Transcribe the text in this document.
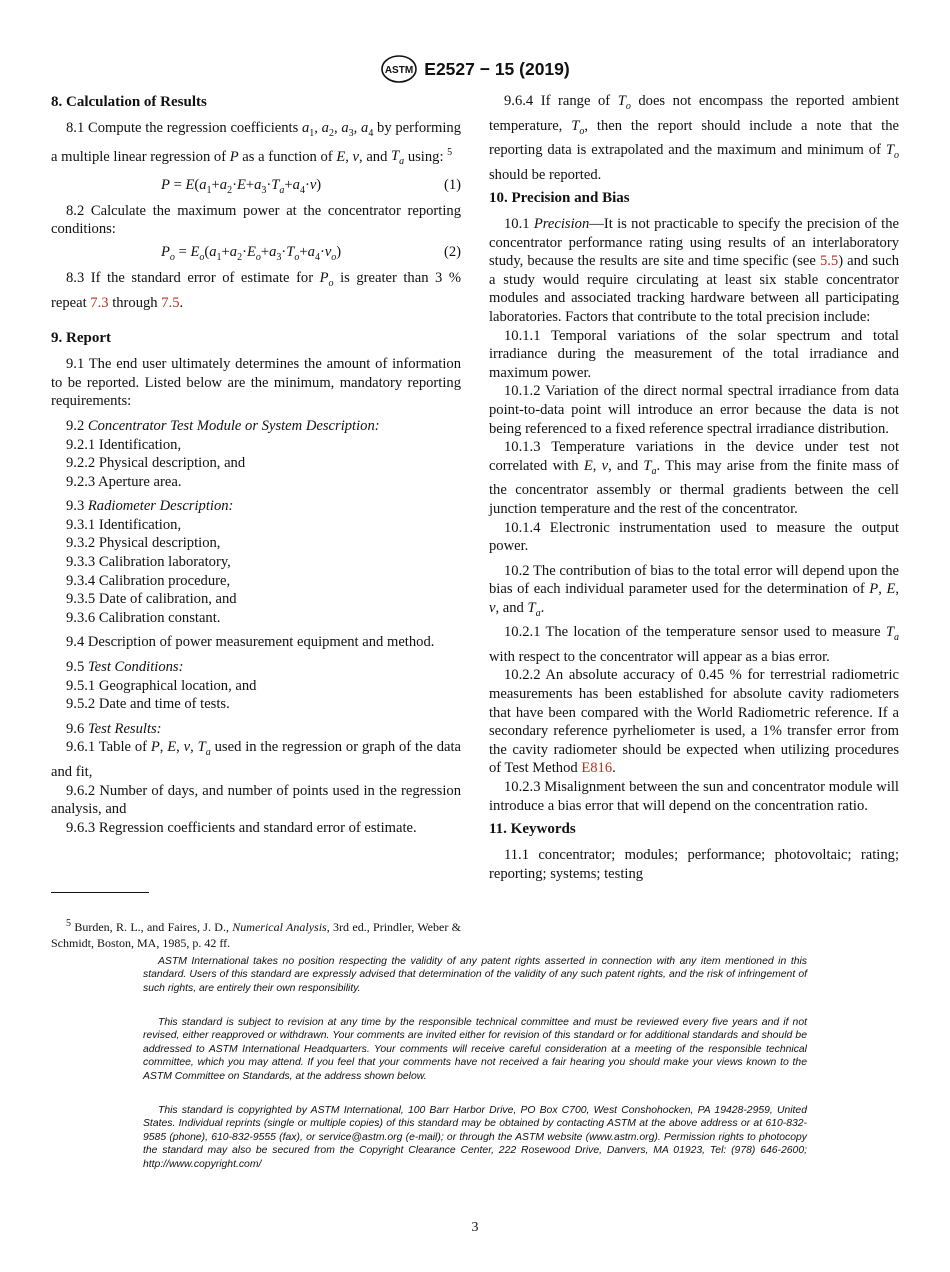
ASTM E2527 − 15 (2019)
8. Calculation of Results

8.1 Compute the regression coefficients $a_1$, $a_2$, $a_3$, $a_4$ by performing a multiple linear regression of P as a function of E, v, and $T_a$ using: $^5$

$P = E(a_1+a_2\cdot E+a_3\cdot T_a+a_4\cdot v)$	(1)

8.2 Calculate the maximum power at the concentrator reporting conditions:

$P_o = E_o(a_1+a_2\cdot E_o+a_3\cdot T_o+a_4\cdot v_o)$	(2)

8.3 If the standard error of estimate for $P_o$ is greater than 3 % repeat 7.3 through 7.5.

9. Report

9.1 The end user ultimately determines the amount of information to be reported. Listed below are the minimum, mandatory reporting requirements:

9.2 Concentrator Test Module or System Description:

9.2.1 Identification,

9.2.2 Physical description, and

9.2.3 Aperture area.

9.3 Radiometer Description:

9.3.1 Identification,

9.3.2 Physical description,

9.3.3 Calibration laboratory,

9.3.4 Calibration procedure,

9.3.5 Date of calibration, and

9.3.6 Calibration constant.

9.4 Description of power measurement equipment and method.

9.5 Test Conditions:

9.5.1 Geographical location, and

9.5.2 Date and time of tests.

9.6 Test Results:

9.6.1 Table of P, E, v, $T_a$ used in the regression or graph of the data and fit,

9.6.2 Number of days, and number of points used in the regression analysis, and

9.6.3 Regression coefficients and standard error of estimate.

9.6.4 If range of $T_o$ does not encompass the reported ambient temperature, $T_o$, then the report should include a note that the reporting data is extrapolated and the maximum and minimum of $T_o$ should be reported.

10. Precision and Bias

10.1 Precision—It is not practicable to specify the precision of the concentrator performance rating using results of an interlaboratory study, because the results are site and time specific (see 5.5) and such a study would require circulating at least six stable concentrator modules and associated tracking hardware between all participating laboratories. Factors that contribute to the total precision include:

10.1.1 Temporal variations of the solar spectrum and total irradiance during the measurement of the total irradiance and maximum power.

10.1.2 Variation of the direct normal spectral irradiance from data point-to-data point will introduce an error because the data is not being referenced to a fixed reference spectral irradiance distribution.

10.1.3 Temperature variations in the device under test not correlated with E, v, and $T_a$. This may arise from the finite mass of the concentrator assembly or thermal gradients between the cell junction temperature and the rest of the concentrator.

10.1.4 Electronic instrumentation used to measure the output power.

10.2 The contribution of bias to the total error will depend upon the bias of each individual parameter used for the determination of P, E, v, and $T_a$.

10.2.1 The location of the temperature sensor used to measure $T_a$ with respect to the concentrator will appear as a bias error.

10.2.2 An absolute accuracy of 0.45 % for terrestrial radiometric measurements has been established for absolute cavity radiometers that have been compared with the World Radiometric reference. If a secondary reference pyrheliometer is used, a 1% transfer error from the cavity radiometer should be expected when utilizing procedures of Test Method E816.

10.2.3 Misalignment between the sun and concentrator module will introduce a bias error that will depend on the concentration ratio.

11. Keywords

11.1 concentrator; modules; performance; photovoltaic; rating; reporting; systems; testing

$^5$ Burden, R. L., and Faires, J. D., Numerical Analysis, 3rd ed., Prindler, Weber & Schmidt, Boston, MA, 1985, p. 42 ff.

ASTM International takes no position respecting the validity of any patent rights asserted in connection with any item mentioned in this standard. Users of this standard are expressly advised that determination of the validity of any such patent rights, and the risk of infringement of such rights, are entirely their own responsibility.

This standard is subject to revision at any time by the responsible technical committee and must be reviewed every five years and if not revised, either reapproved or withdrawn. Your comments are invited either for revision of this standard or for additional standards and should be addressed to ASTM International Headquarters. Your comments will receive careful consideration at a meeting of the responsible technical committee, which you may attend. If you feel that your comments have not received a fair hearing you should make your views known to the ASTM Committee on Standards, at the address shown below.

This standard is copyrighted by ASTM International, 100 Barr Harbor Drive, PO Box C700, West Conshohocken, PA 19428-2959, United States. Individual reprints (single or multiple copies) of this standard may be obtained by contacting ASTM at the above address or at 610-832-9585 (phone), 610-832-9555 (fax), or service@astm.org (e-mail); or through the ASTM website (www.astm.org). Permission rights to photocopy the standard may also be secured from the Copyright Clearance Center, 222 Rosewood Drive, Danvers, MA 01923, Tel: (978) 646-2600; http://www.copyright.com/

3
